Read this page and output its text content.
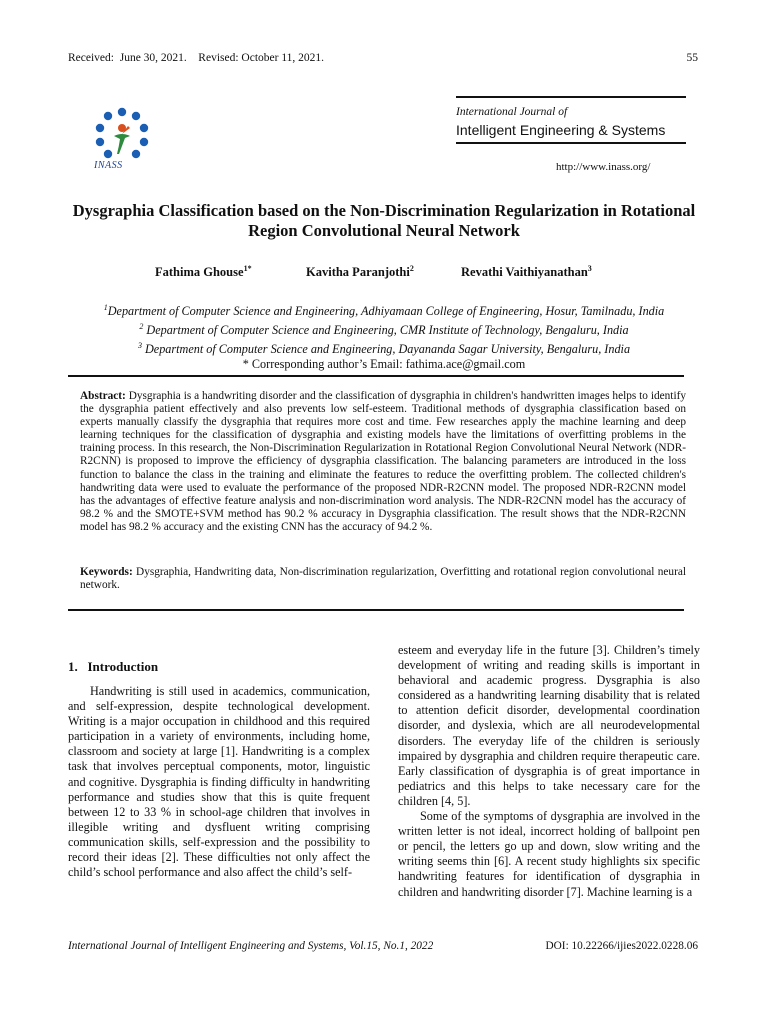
Received:  June 30, 2021.    Revised: October 11, 2021.	55
INASS
International Journal of
Intelligent Engineering & Systems
http://www.inass.org/
Dysgraphia Classification based on the Non-Discrimination Regularization in Rotational Region Convolutional Neural Network
Fathima Ghouse$^{1*}$	Kavitha Paranjothi$^2$	Revathi Vaithiyanathan$^3$
$^1$Department of Computer Science and Engineering, Adhiyamaan College of Engineering, Hosur, Tamilnadu, India
$^2$ Department of Computer Science and Engineering, CMR Institute of Technology, Bengaluru, India
$^3$ Department of Computer Science and Engineering, Dayananda Sagar University, Bengaluru, India
* Corresponding author’s Email: fathima.ace@gmail.com
Abstract: Dysgraphia is a handwriting disorder and the classification of dysgraphia in children's handwritten images helps to identify the dysgraphia patient effectively and also prevents low self-esteem. Traditional methods of dysgraphia classification based on experts manually classify the dysgraphia that requires more cost and time. Few researches apply the machine learning and deep learning techniques for the classification of dysgraphia and existing models have the limitations of overfitting problems in the training process. In this research, the Non-Discrimination Regularization in Rotational Region Convolutional Neural Network (NDR-R2CNN) is proposed to improve the efficiency of dysgraphia classification. The balancing parameters are introduced in the loss function to balance the class in the training and eliminate the features to reduce the overfitting problem. The collected children's handwriting data were used to evaluate the performance of the proposed NDR-R2CNN model. The proposed NDR-R2CNN model has the advantages of effective feature analysis and non-discrimination word analysis. The NDR-R2CNN model has the accuracy of 98.2 % and the SMOTE+SVM method has 90.2 % accuracy in Dysgraphia classification. The result shows that the NDR-R2CNN model has 98.2 % accuracy and the existing CNN has the accuracy of 94.2 %.
Keywords: Dysgraphia, Handwriting data, Non-discrimination regularization, Overfitting and rotational region convolutional neural network.
1.   Introduction

Handwriting is still used in academics, communication, and self-expression, despite technological development. Writing is a major occupation in childhood and this required participation in a variety of environments, including home, classroom and society at large [1]. Handwriting is a complex task that involves perceptual components, motor, linguistic and cognitive. Dysgraphia is finding difficulty in handwriting performance and studies show that this is quite frequent between 12 to 33 % in school-age children that involves in illegible writing and dysfluent writing comprising communication skills, self-expression and the possibility to record their ideas [2]. These difficulties not only affect the child’s school performance and also affect the child’s self-

esteem and everyday life in the future [3]. Children’s timely development of writing and reading skills is important in behavioral and academic progress. Dysgraphia is also considered as a handwriting learning disability that is related to attention deficit disorder, developmental coordination disorder, and dyslexia, which are all neurodevelopmental disorders. The everyday life of the children is seriously impaired by dysgraphia and children require therapeutic care. Early classification of dysgraphia is of great importance in pediatrics and this helps to take necessary care for the children [4, 5].

Some of the symptoms of dysgraphia are involved in the written letter is not ideal, incorrect holding of ballpoint pen or pencil, the letters go up and down, slow writing and the writing seems thin [6]. A recent study highlights six specific handwriting features for identification of dysgraphia in children and handwriting disorder [7]. Machine learning is a

International Journal of Intelligent Engineering and Systems, Vol.15, No.1, 2022	DOI: 10.22266/ijies2022.0228.06
